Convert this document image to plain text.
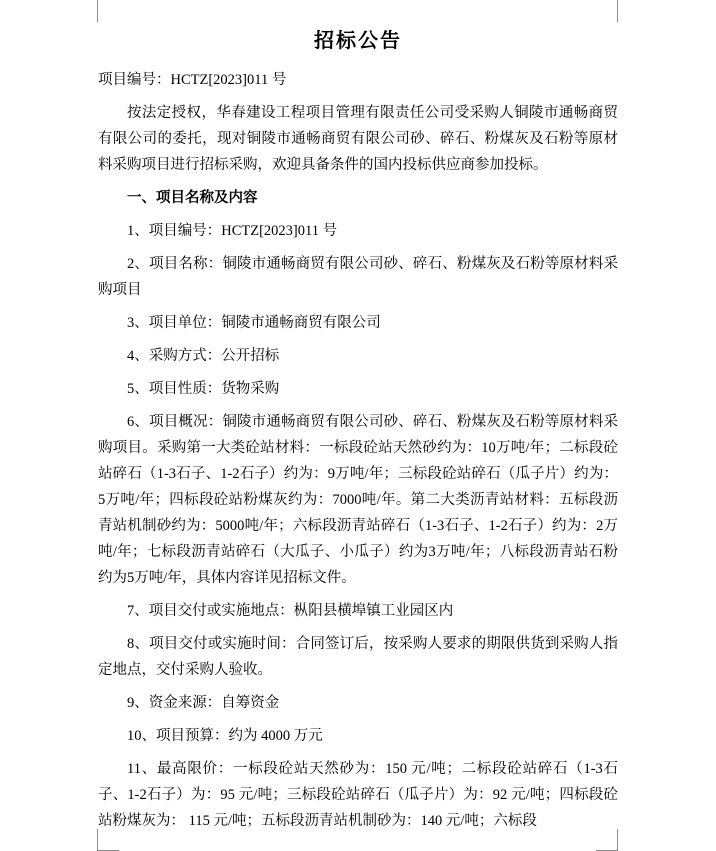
招标公告

项目编号：HCTZ[2023]011 号

按法定授权，华春建设工程项目管理有限责任公司受采购人铜陵市通畅商贸有限公司的委托，现对铜陵市通畅商贸有限公司砂、碎石、粉煤灰及石粉等原材料采购项目进行招标采购，欢迎具备条件的国内投标供应商参加投标。

一、项目名称及内容

1、项目编号：HCTZ[2023]011 号

2、项目名称：铜陵市通畅商贸有限公司砂、碎石、粉煤灰及石粉等原材料采购项目

3、项目单位：铜陵市通畅商贸有限公司

4、采购方式：公开招标

5、项目性质：货物采购

6、项目概况：铜陵市通畅商贸有限公司砂、碎石、粉煤灰及石粉等原材料采购项目。采购第一大类砼站材料：一标段砼站天然砂约为：10万吨/年；二标段砼站碎石（1-3石子、1-2石子）约为：9万吨/年；三标段砼站碎石（瓜子片）约为：5万吨/年；四标段砼站粉煤灰约为：7000吨/年。第二大类沥青站材料：五标段沥青站机制砂约为：5000吨/年；六标段沥青站碎石（1-3石子、1-2石子）约为：2万吨/年；七标段沥青站碎石（大瓜子、小瓜子）约为3万吨/年；八标段沥青站石粉约为5万吨/年，具体内容详见招标文件。

7、项目交付或实施地点：枞阳县横埠镇工业园区内

8、项目交付或实施时间：合同签订后，按采购人要求的期限供货到采购人指定地点，交付采购人验收。

9、资金来源：自筹资金

10、项目预算：约为 4000 万元

11、最高限价：一标段砼站天然砂为：150 元/吨；二标段砼站碎石（1-3石子、1-2石子）为：95 元/吨；三标段砼站碎石（瓜子片）为：92 元/吨；四标段砼站粉煤灰为： 115 元/吨；五标段沥青站机制砂为：140 元/吨；六标段
